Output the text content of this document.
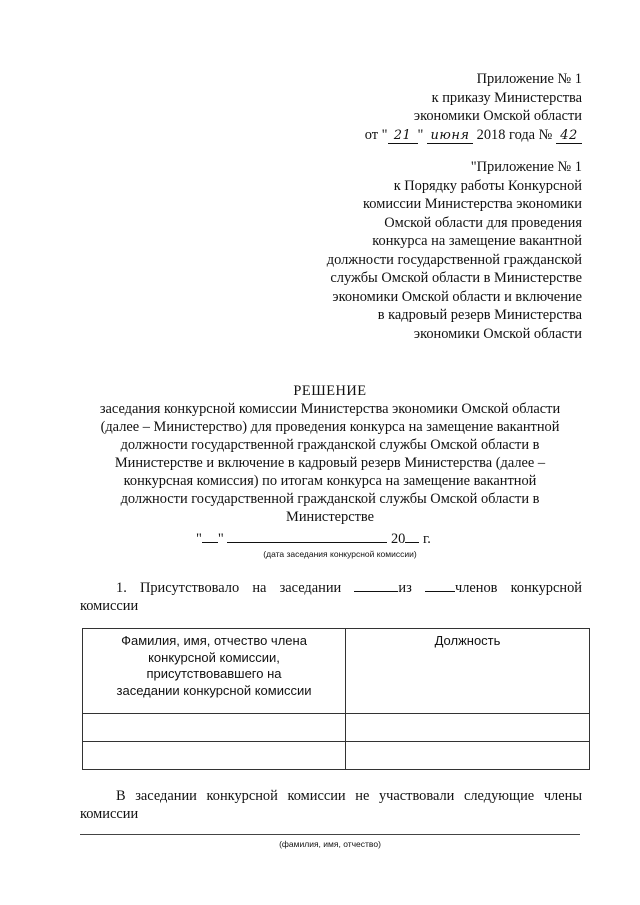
Приложение № 1
к приказу Министерства
экономики Омской области
от " 21 " июня 2018 года № 42
"Приложение № 1
к Порядку работы Конкурсной
комиссии Министерства экономики
Омской области для проведения
конкурса на замещение вакантной
должности государственной гражданской
службы Омской области в Министерстве
экономики Омской области и включение
в кадровый резерв Министерства
экономики Омской области
РЕШЕНИЕ
заседания конкурсной комиссии Министерства экономики Омской области
(далее – Министерство) для проведения конкурса на замещение вакантной
должности государственной гражданской службы Омской области в
Министерстве и включение в кадровый резерв Министерства (далее –
конкурсная комиссия) по итогам конкурса на замещение вакантной
должности государственной гражданской службы Омской области в
Министерстве
" "	20 г.
(дата заседания конкурсной комиссии)
1. Присутствовало на заседании	из	членов конкурсной комиссии
Фамилия, имя, отчество члена конкурсной комиссии, присутствовавшего на заседании конкурсной комиссии	Должность

В заседании конкурсной комиссии не участвовали следующие члены комиссии
(фамилия, имя, отчество)
